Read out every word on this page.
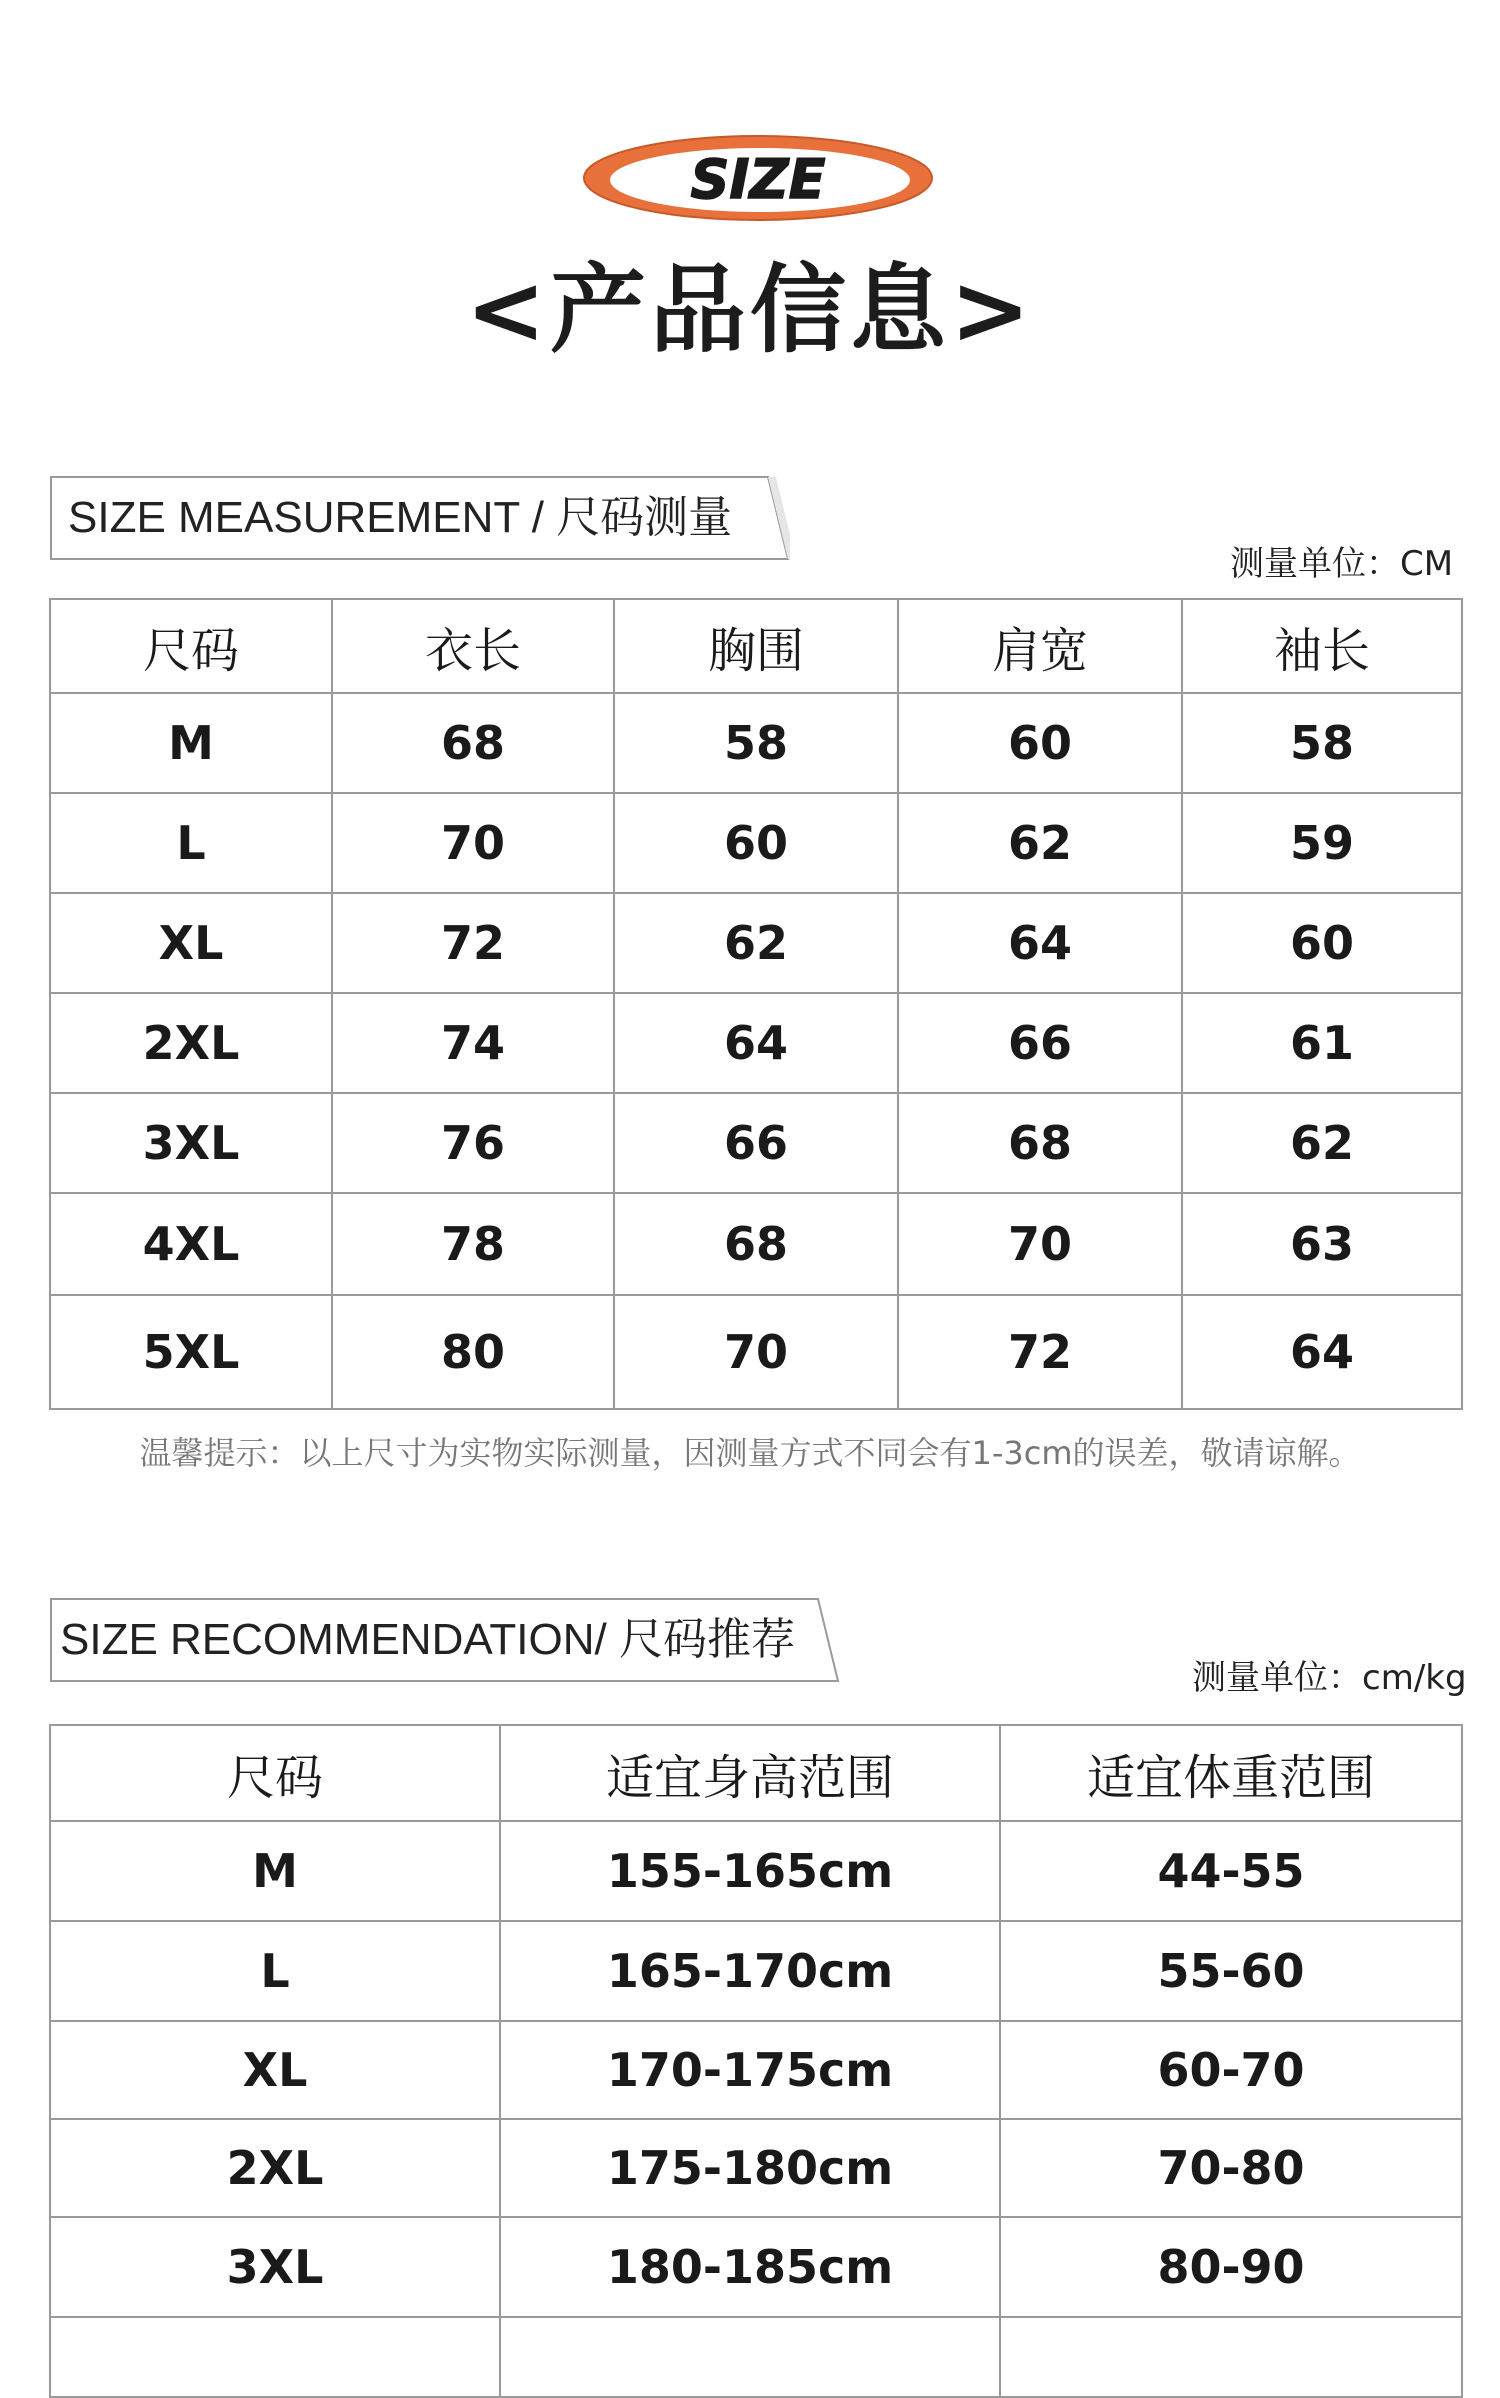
SIZE
<产品信息>
SIZE MEASUREMENT / 尺码测量
测量单位：CM
尺码	衣长	胸围	肩宽	袖长
M	68	58	60	58
L	70	60	62	59
XL	72	62	64	60
2XL	74	64	66	61
3XL	76	66	68	62
4XL	78	68	70	63
5XL	80	70	72	64
温馨提示：以上尺寸为实物实际测量，因测量方式不同会有1-3cm的误差，敬请谅解。
SIZE RECOMMENDATION/ 尺码推荐
测量单位：cm/kg
尺码	适宜身高范围	适宜体重范围
M	155-165cm	44-55
L	165-170cm	55-60
XL	170-175cm	60-70
2XL	175-180cm	70-80
3XL	180-185cm	80-90
